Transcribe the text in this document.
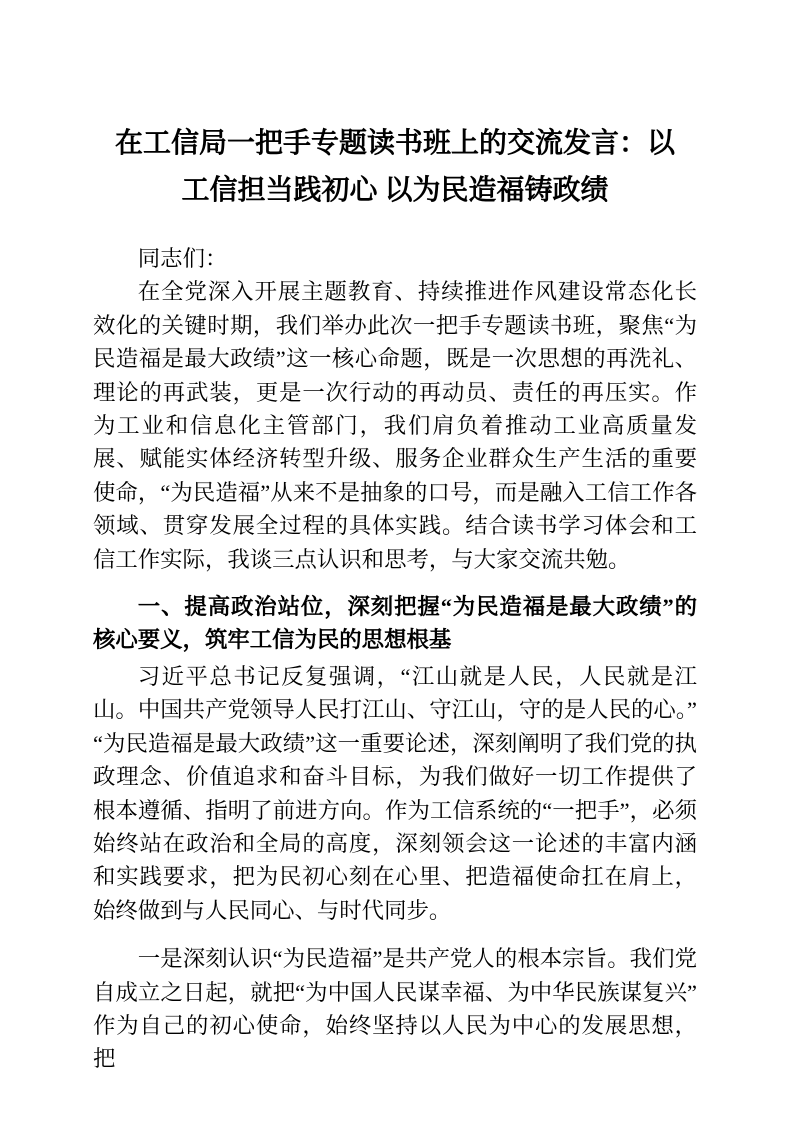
在工信局一把手专题读书班上的交流发言：以
工信担当践初心 以为民造福铸政绩

同志们：

在全党深入开展主题教育、持续推进作风建设常态化长效化的关键时期，我们举办此次一把手专题读书班，聚焦“为民造福是最大政绩”这一核心命题，既是一次思想的再洗礼、理论的再武装，更是一次行动的再动员、责任的再压实。作为工业和信息化主管部门，我们肩负着推动工业高质量发展、赋能实体经济转型升级、服务企业群众生产生活的重要使命，“为民造福”从来不是抽象的口号，而是融入工信工作各领域、贯穿发展全过程的具体实践。结合读书学习体会和工信工作实际，我谈三点认识和思考，与大家交流共勉。

一、提高政治站位，深刻把握“为民造福是最大政绩”的核心要义，筑牢工信为民的思想根基

习近平总书记反复强调，“江山就是人民，人民就是江山。中国共产党领导人民打江山、守江山，守的是人民的心。”“为民造福是最大政绩”这一重要论述，深刻阐明了我们党的执政理念、价值追求和奋斗目标，为我们做好一切工作提供了根本遵循、指明了前进方向。作为工信系统的“一把手”，必须始终站在政治和全局的高度，深刻领会这一论述的丰富内涵和实践要求，把为民初心刻在心里、把造福使命扛在肩上，始终做到与人民同心、与时代同步。

一是深刻认识“为民造福”是共产党人的根本宗旨。我们党自成立之日起，就把“为中国人民谋幸福、为中华民族谋复兴”作为自己的初心使命，始终坚持以人民为中心的发展思想，把
